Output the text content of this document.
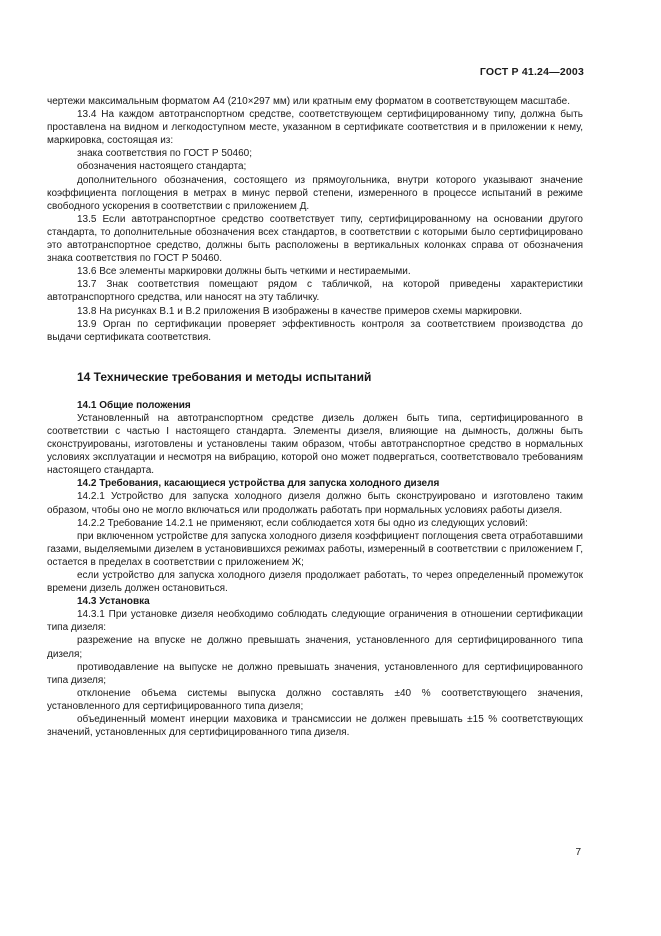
ГОСТ Р 41.24—2003

чертежи максимальным форматом А4 (210×297 мм) или кратным ему форматом в соответствующем масштабе.

13.4 На каждом автотранспортном средстве, соответствующем сертифицированному типу, должна быть проставлена на видном и легкодоступном месте, указанном в сертификате соответствия и в приложении к нему, маркировка, состоящая из:

знака соответствия по ГОСТ Р 50460;

обозначения настоящего стандарта;

дополнительного обозначения, состоящего из прямоугольника, внутри которого указывают значение коэффициента поглощения в метрах в минус первой степени, измеренного в процессе испытаний в режиме свободного ускорения в соответствии с приложением Д.

13.5 Если автотранспортное средство соответствует типу, сертифицированному на основании другого стандарта, то дополнительные обозначения всех стандартов, в соответствии с которыми было сертифицировано это автотранспортное средство, должны быть расположены в вертикальных колонках справа от обозначения знака соответствия по ГОСТ Р 50460.

13.6 Все элементы маркировки должны быть четкими и нестираемыми.

13.7 Знак соответствия помещают рядом с табличкой, на которой приведены характеристики автотранспортного средства, или наносят на эту табличку.

13.8 На рисунках В.1 и В.2 приложения В изображены в качестве примеров схемы маркировки.

13.9 Орган по сертификации проверяет эффективность контроля за соответствием производства до выдачи сертификата соответствия.

14 Технические требования и методы испытаний

14.1 Общие положения

Установленный на автотранспортном средстве дизель должен быть типа, сертифицированного в соответствии с частью I настоящего стандарта. Элементы дизеля, влияющие на дымность, должны быть сконструированы, изготовлены и установлены таким образом, чтобы автотранспортное средство в нормальных условиях эксплуатации и несмотря на вибрацию, которой оно может подвергаться, соответствовало требованиям настоящего стандарта.

14.2 Требования, касающиеся устройства для запуска холодного дизеля

14.2.1 Устройство для запуска холодного дизеля должно быть сконструировано и изготовлено таким образом, чтобы оно не могло включаться или продолжать работать при нормальных условиях работы дизеля.

14.2.2 Требование 14.2.1 не применяют, если соблюдается хотя бы одно из следующих условий:

при включенном устройстве для запуска холодного дизеля коэффициент поглощения света отработавшими газами, выделяемыми дизелем в установившихся режимах работы, измеренный в соответствии с приложением Г, остается в пределах в соответствии с приложением Ж;

если устройство для запуска холодного дизеля продолжает работать, то через определенный промежуток времени дизель должен остановиться.

14.3 Установка

14.3.1 При установке дизеля необходимо соблюдать следующие ограничения в отношении сертификации типа дизеля:

разрежение на впуске не должно превышать значения, установленного для сертифицированного типа дизеля;

противодавление на выпуске не должно превышать значения, установленного для сертифицированного типа дизеля;

отклонение объема системы выпуска должно составлять ±40 % соответствующего значения, установленного для сертифицированного типа дизеля;

объединенный момент инерции маховика и трансмиссии не должен превышать ±15 % соответствующих значений, установленных для сертифицированного типа дизеля.

7
